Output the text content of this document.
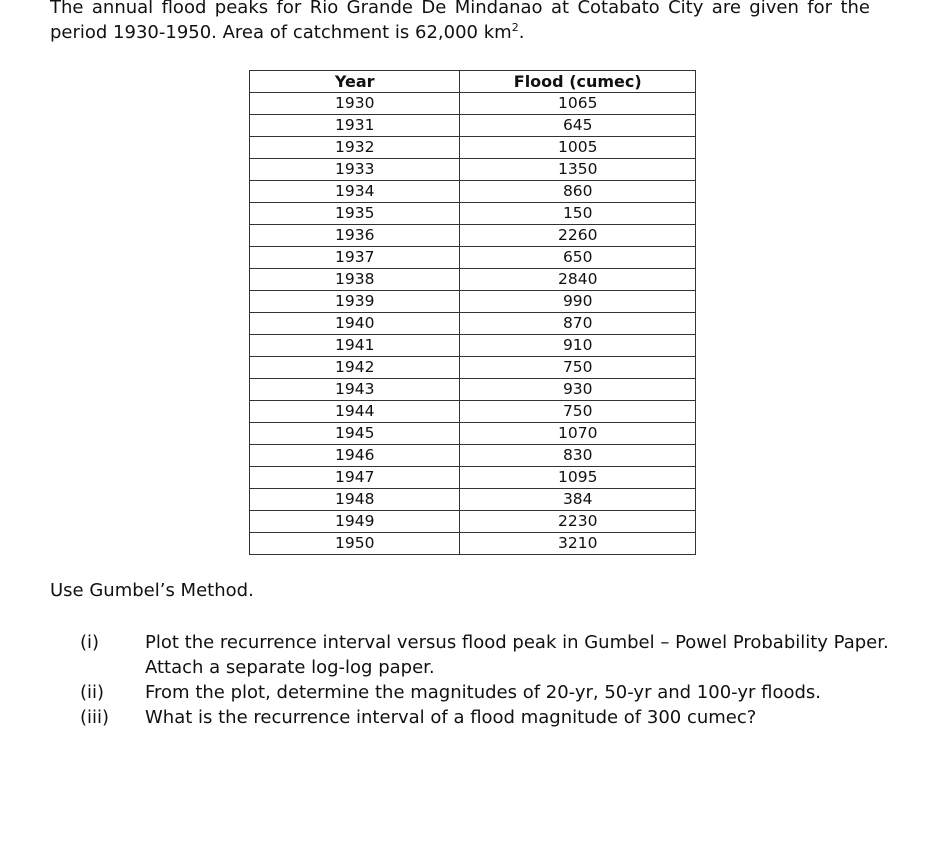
The annual flood peaks for Rio Grande De Mindanao at Cotabato City are given for the period 1930-1950. Area of catchment is 62,000 $km^2$.
Year	Flood (cumec)
1930	1065
1931	645
1932	1005
1933	1350
1934	860
1935	150
1936	2260
1937	650
1938	2840
1939	990
1940	870
1941	910
1942	750
1943	930
1944	750
1945	1070
1946	830
1947	1095
1948	384
1949	2230
1950	3210
Use Gumbel’s Method.
(i)	Plot the recurrence interval versus flood peak in Gumbel – Powel Probability Paper. Attach a separate log-log paper.
(ii)	From the plot, determine the magnitudes of 20-yr, 50-yr and 100-yr floods.
(iii)	What is the recurrence interval of a flood magnitude of 300 cumec?
